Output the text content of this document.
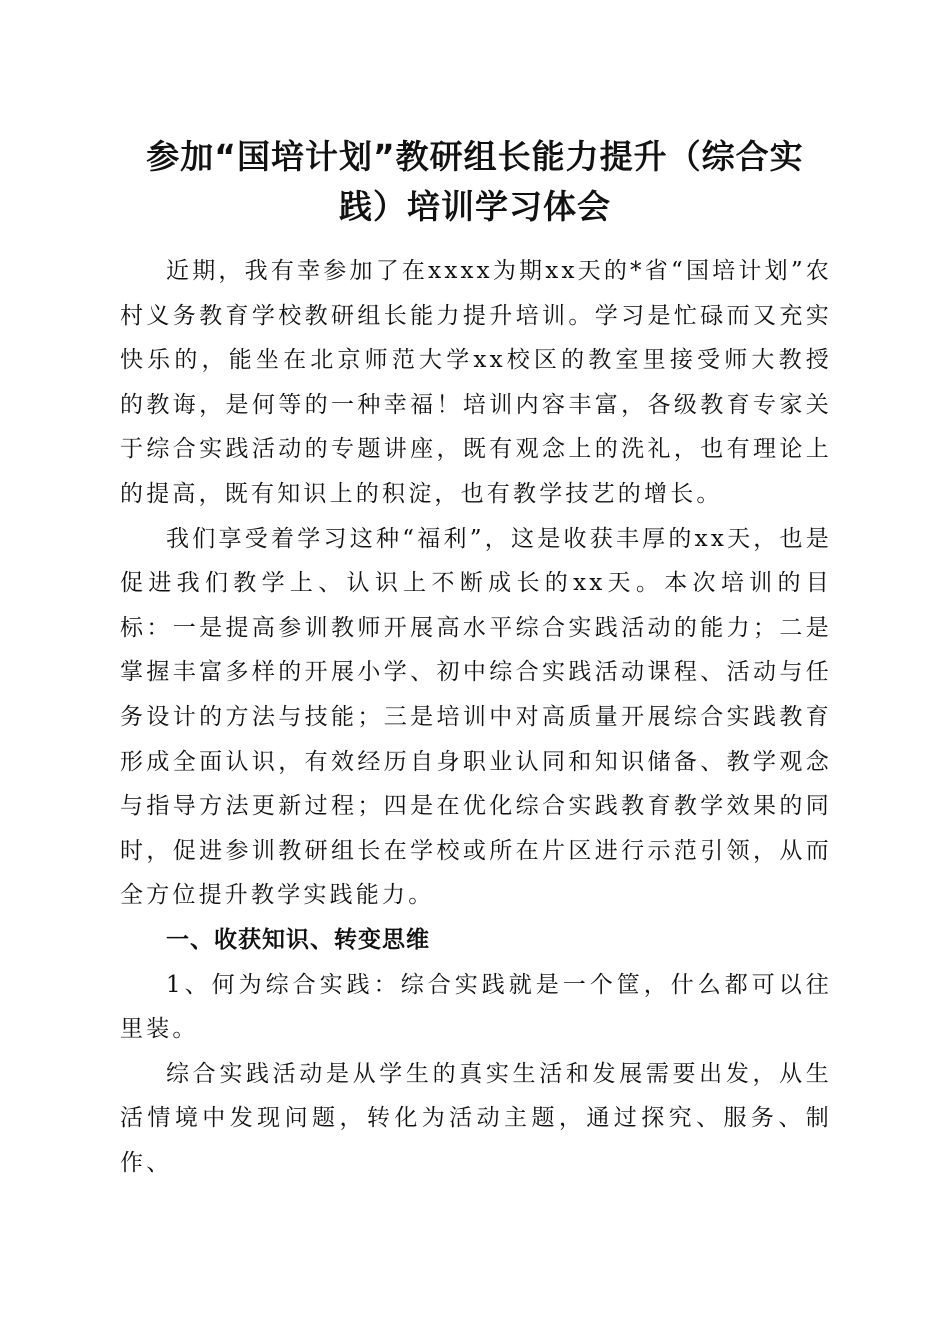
参加“国培计划”教研组长能力提升（综合实
践）培训学习体会

近期，我有幸参加了在xxxx为期xx天的*省“国培计划”农村义务教育学校教研组长能力提升培训。学习是忙碌而又充实快乐的，能坐在北京师范大学xx校区的教室里接受师大教授的教诲，是何等的一种幸福！培训内容丰富，各级教育专家关于综合实践活动的专题讲座，既有观念上的洗礼，也有理论上的提高，既有知识上的积淀，也有教学技艺的增长。

我们享受着学习这种“福利”，这是收获丰厚的xx天，也是促进我们教学上、认识上不断成长的xx天。本次培训的目标：一是提高参训教师开展高水平综合实践活动的能力；二是掌握丰富多样的开展小学、初中综合实践活动课程、活动与任务设计的方法与技能；三是培训中对高质量开展综合实践教育形成全面认识，有效经历自身职业认同和知识储备、教学观念与指导方法更新过程；四是在优化综合实践教育教学效果的同时，促进参训教研组长在学校或所在片区进行示范引领，从而全方位提升教学实践能力。

一、收获知识、转变思维

1、何为综合实践：综合实践就是一个筐，什么都可以往里装。

综合实践活动是从学生的真实生活和发展需要出发，从生活情境中发现问题，转化为活动主题，通过探究、服务、制作、
